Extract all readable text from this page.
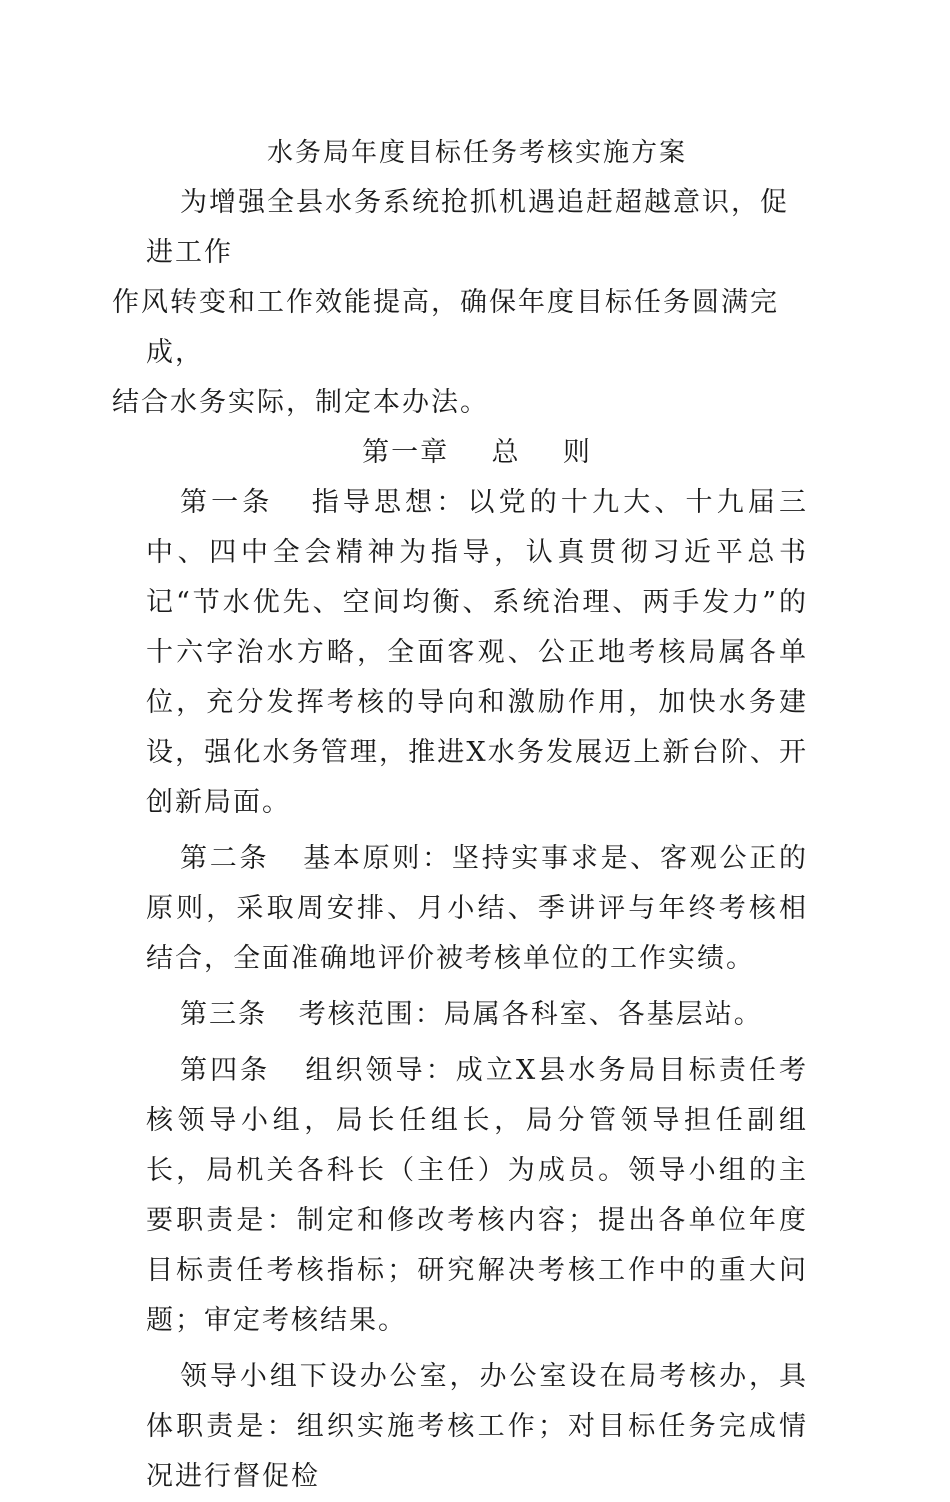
水务局年度目标任务考核实施方案

为增强全县水务系统抢抓机遇追赶超越意识，促进工作
作风转变和工作效能提高，确保年度目标任务圆满完成，
结合水务实际，制定本办法。

第一章    总    则

第一条 指导思想：以党的十九大、十九届三中、四中全会精神为指导，认真贯彻习近平总书记“节水优先、空间均衡、系统治理、两手发力”的十六字治水方略，全面客观、公正地考核局属各单位，充分发挥考核的导向和激励作用，加快水务建设，强化水务管理，推进X水务发展迈上新台阶、开创新局面。

第二条 基本原则：坚持实事求是、客观公正的原则，采取周安排、月小结、季讲评与年终考核相结合，全面准确地评价被考核单位的工作实绩。

第三条 考核范围：局属各科室、各基层站。

第四条 组织领导：成立X县水务局目标责任考核领导小组，局长任组长，局分管领导担任副组长，局机关各科长（主任）为成员。领导小组的主要职责是：制定和修改考核内容；提出各单位年度目标责任考核指标；研究解决考核工作中的重大问题；审定考核结果。

领导小组下设办公室，办公室设在局考核办，具体职责是：组织实施考核工作；对目标任务完成情况进行督促检
